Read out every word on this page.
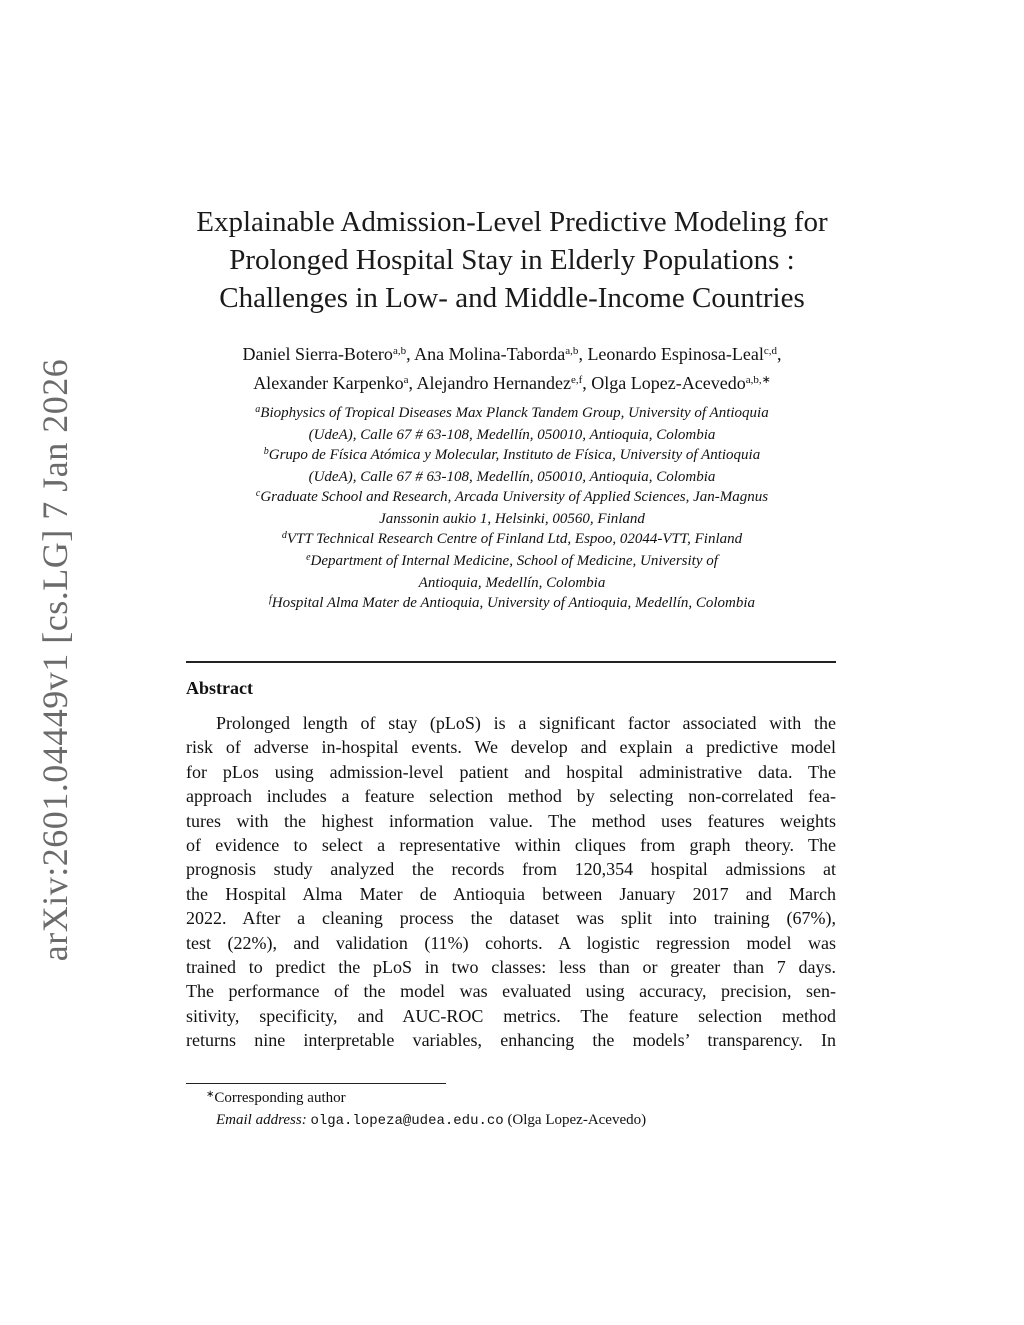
arXiv:2601.04449v1 [cs.LG] 7 Jan 2026
Explainable Admission-Level Predictive Modeling for
Prolonged Hospital Stay in Elderly Populations :
Challenges in Low- and Middle-Income Countries
Daniel Sierra-Botero$^{a,b}$, Ana Molina-Taborda$^{a,b}$, Leonardo Espinosa-Leal$^{c,d}$,
Alexander Karpenko$^a$, Alejandro Hernandez$^{e,f}$, Olga Lopez-Acevedo$^{a,b,∗}$
$^a$Biophysics of Tropical Diseases Max Planck Tandem Group, University of Antioquia
(UdeA), Calle 67 # 63-108, Medellín, 050010, Antioquia, Colombia
$^b$Grupo de Física Atómica y Molecular, Instituto de Física, University of Antioquia
(UdeA), Calle 67 # 63-108, Medellín, 050010, Antioquia, Colombia
$^c$Graduate School and Research, Arcada University of Applied Sciences, Jan-Magnus
Janssonin aukio 1, Helsinki, 00560, Finland
$^d$VTT Technical Research Centre of Finland Ltd, Espoo, 02044-VTT, Finland
$^e$Department of Internal Medicine, School of Medicine, University of
Antioquia, Medellín, Colombia
$^f$Hospital Alma Mater de Antioquia, University of Antioquia, Medellín, Colombia
Abstract
Prolonged length of stay (pLoS) is a significant factor associated with the
risk of adverse in-hospital events. We develop and explain a predictive model
for pLos using admission-level patient and hospital administrative data. The
approach includes a feature selection method by selecting non-correlated fea-
tures with the highest information value. The method uses features weights
of evidence to select a representative within cliques from graph theory. The
prognosis study analyzed the records from 120,354 hospital admissions at
the Hospital Alma Mater de Antioquia between January 2017 and March
2022. After a cleaning process the dataset was split into training (67%),
test (22%), and validation (11%) cohorts. A logistic regression model was
trained to predict the pLoS in two classes: less than or greater than 7 days.
The performance of the model was evaluated using accuracy, precision, sen-
sitivity, specificity, and AUC-ROC metrics. The feature selection method
returns nine interpretable variables, enhancing the models’ transparency. In
∗Corresponding author
Email address: olga.lopeza@udea.edu.co (Olga Lopez-Acevedo)
